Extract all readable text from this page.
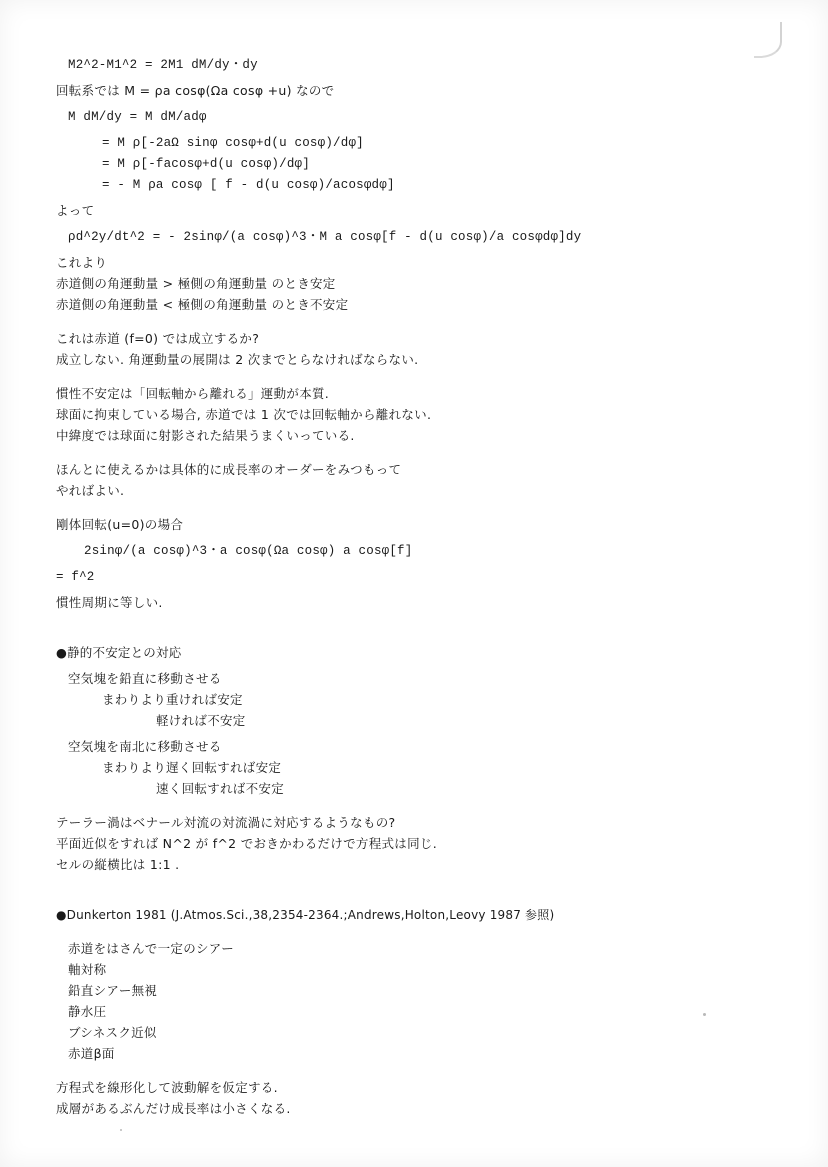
M2^2-M1^2 = 2M1 dM/dy・dy
回転系では M = ρa cosφ(Ωa cosφ +u) なので
M dM/dy = M dM/adφ
= M ρ[-2aΩ sinφ cosφ+d(u cosφ)/dφ]
= M ρ[-facosφ+d(u cosφ)/dφ]
= - M ρa cosφ [ f - d(u cosφ)/acosφdφ]
よって
ρd^2y/dt^2 = - 2sinφ/(a cosφ)^3・M a cosφ[f - d(u cosφ)/a cosφdφ]dy
これより
赤道側の角運動量 > 極側の角運動量 のとき安定
赤道側の角運動量 < 極側の角運動量 のとき不安定
これは赤道 (f=0) では成立するか?
成立しない. 角運動量の展開は 2 次までとらなければならない.
慣性不安定は「回転軸から離れる」運動が本質.
球面に拘束している場合, 赤道では 1 次では回転軸から離れない.
中緯度では球面に射影された結果うまくいっている.
ほんとに使えるかは具体的に成長率のオーダーをみつもって
やればよい.
剛体回転(u=0)の場合
2sinφ/(a cosφ)^3・a cosφ(Ωa cosφ) a cosφ[f]
= f^2
慣性周期に等しい.
●静的不安定との対応
空気塊を鉛直に移動させる
まわりより重ければ安定
軽ければ不安定
空気塊を南北に移動させる
まわりより遅く回転すれば安定
速く回転すれば不安定
テーラー渦はベナール対流の対流渦に対応するようなもの?
平面近似をすれば N^2 が f^2 でおきかわるだけで方程式は同じ.
セルの縦横比は 1:1 .
●Dunkerton 1981 (J.Atmos.Sci.,38,2354-2364.;Andrews,Holton,Leovy 1987 参照)
赤道をはさんで一定のシアー
軸対称
鉛直シアー無視
静水圧
ブシネスク近似
赤道β面
方程式を線形化して波動解を仮定する.
成層があるぶんだけ成長率は小さくなる.
